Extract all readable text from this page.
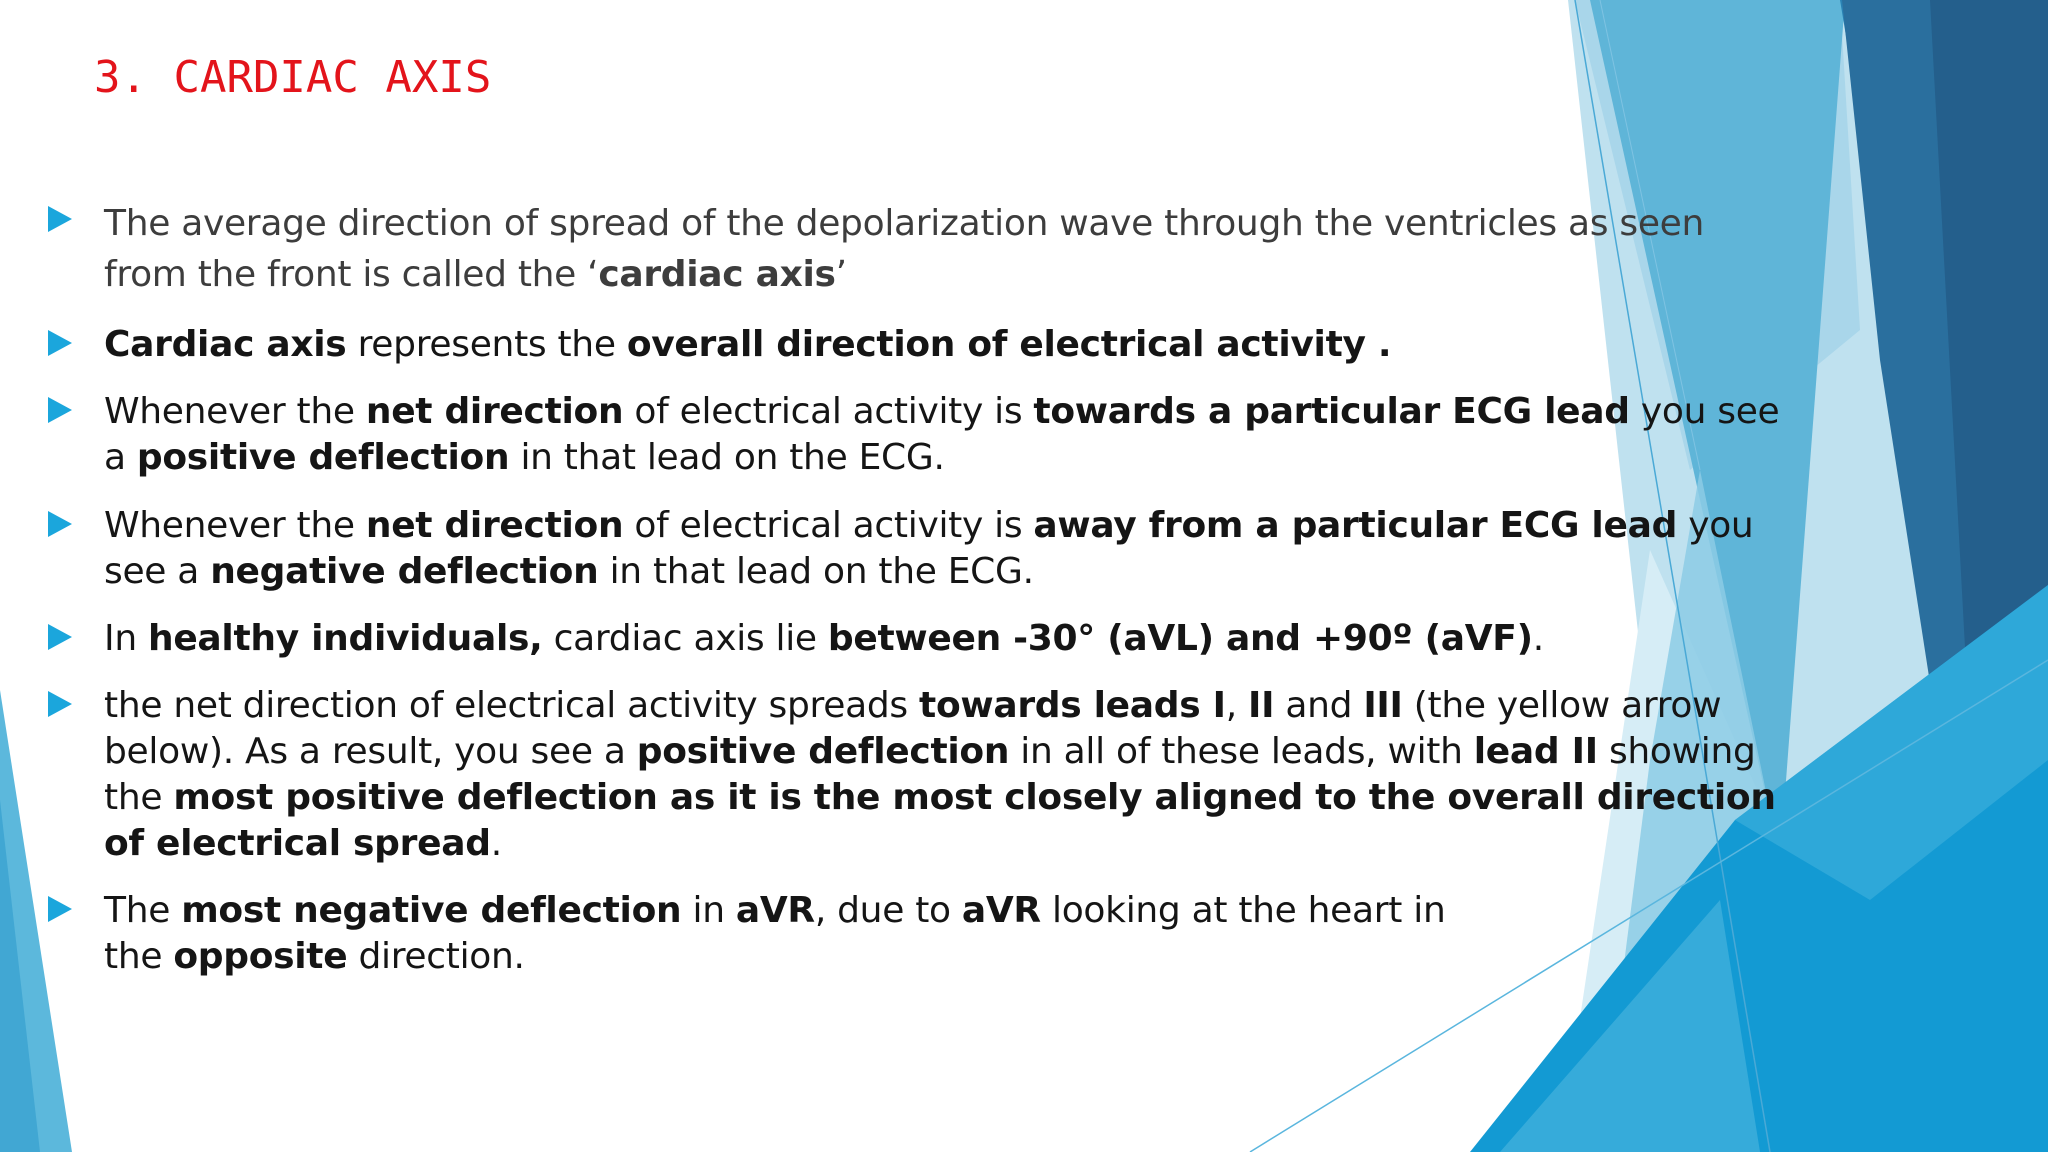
3. CARDIAC AXIS
The average direction of spread of the depolarization wave through the ventricles as seen from the front is called the ‘cardiac axis’
Cardiac axis represents the overall direction of electrical activity .
Whenever the net direction of electrical activity is towards a particular ECG lead you see a positive deflection in that lead on the ECG.
Whenever the net direction of electrical activity is away from a particular ECG lead you see a negative deflection in that lead on the ECG.
In healthy individuals, cardiac axis lie between -30° (aVL) and +90º (aVF).
the net direction of electrical activity spreads towards leads I, II and III (the yellow arrow below). As a result, you see a positive deflection in all of these leads, with lead II showing the most positive deflection as it is the most closely aligned to the overall direction of electrical spread.
The most negative deflection in aVR, due to aVR looking at the heart in the opposite direction.
